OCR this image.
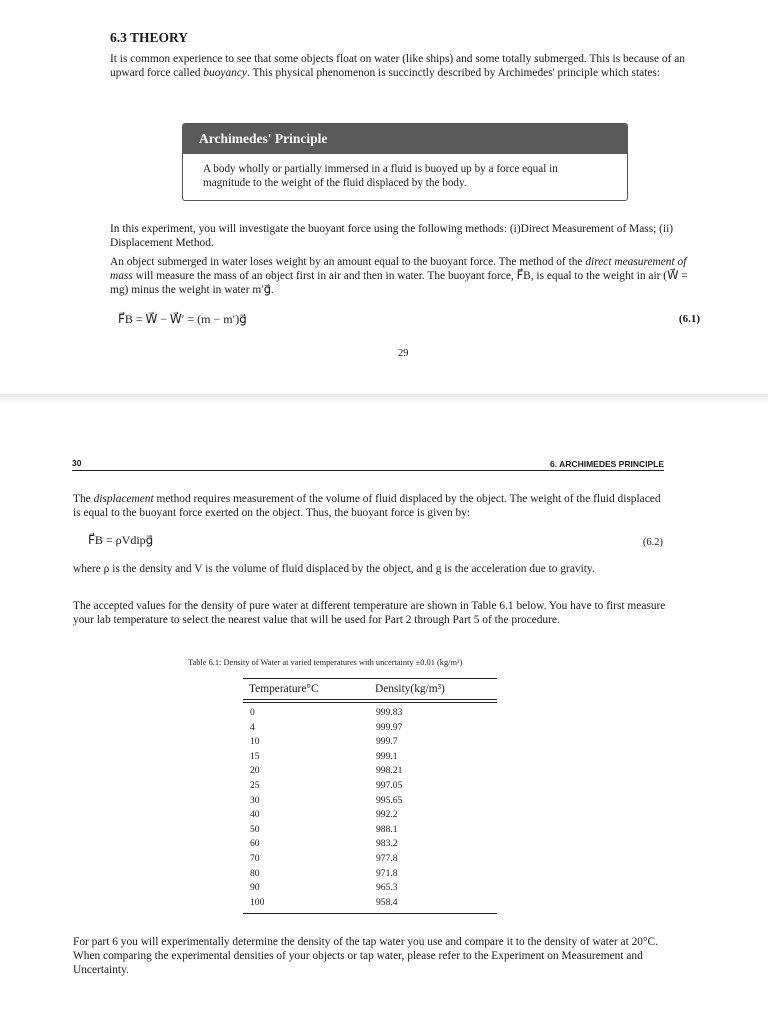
6.3 THEORY

It is common experience to see that some objects float on water (like ships) and some totally submerged. This is because of an upward force called buoyancy. This physical phenomenon is succinctly described by Archimedes' principle which states:

Archimedes' Principle
A body wholly or partially immersed in a fluid is buoyed up by a force equal in magnitude to the weight of the fluid displaced by the body.

In this experiment, you will investigate the buoyant force using the following methods: (i)Direct Measurement of Mass; (ii) Displacement Method.

An object submerged in water loses weight by an amount equal to the buoyant force. The method of the direct measurement of mass will measure the mass of an object first in air and then in water. The buoyant force, F⃗B, is equal to the weight in air (W⃗ = mg) minus the weight in water m′g⃗.

F⃗B = W⃗ − W⃗′ = (m − m′)g⃗	(6.1)
29
30	6. ARCHIMEDES PRINCIPLE

The displacement method requires measurement of the volume of fluid displaced by the object. The weight of the fluid displaced is equal to the buoyant force exerted on the object. Thus, the buoyant force is given by:

F⃗B = ρVdipg⃗	(6.2)

where ρ is the density and V is the volume of fluid displaced by the object, and g is the acceleration due to gravity.

The accepted values for the density of pure water at different temperature are shown in Table 6.1 below. You have to first measure your lab temperature to select the nearest value that will be used for Part 2 through Part 5 of the procedure.

Table 6.1: Density of Water at varied temperatures with uncertainty ±0.01 (kg/m³)
Temperature°C	Density(kg/m³)
0	999.83
4	999.97
10	999.7
15	999.1
20	998.21
25	997.05
30	995.65
40	992.2
50	988.1
60	983.2
70	977.8
80	971.8
90	965.3
100	958.4

For part 6 you will experimentally determine the density of the tap water you use and compare it to the density of water at 20°C. When comparing the experimental densities of your objects or tap water, please refer to the Experiment on Measurement and Uncertainty.
